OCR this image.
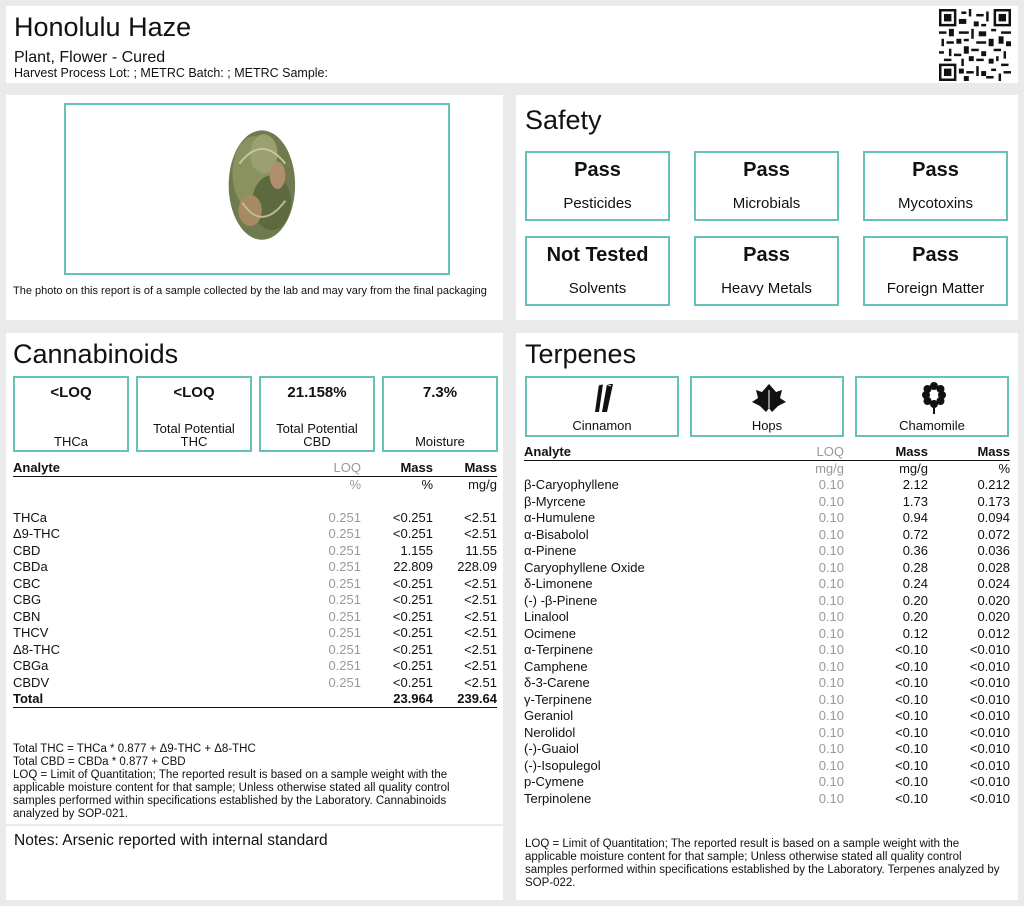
Honolulu Haze
Plant, Flower - Cured
Harvest Process Lot: ; METRC Batch: ; METRC Sample:
The photo on this report is of a sample collected by the lab and may vary from the final packaging
Safety
Pass
Pesticides
Pass
Microbials
Pass
Mycotoxins
Not Tested
Solvents
Pass
Heavy Metals
Pass
Foreign Matter
Cannabinoids
<LOQ
THCa
<LOQ
Total Potential THC
21.158%
Total Potential CBD
7.3%
Moisture
Analyte	LOQ	Mass	Mass
	%	%	mg/g

THCa	0.251	<0.251	<2.51
Δ9-THC	0.251	<0.251	<2.51
CBD	0.251	1.155	11.55
CBDa	0.251	22.809	228.09
CBC	0.251	<0.251	<2.51
CBG	0.251	<0.251	<2.51
CBN	0.251	<0.251	<2.51
THCV	0.251	<0.251	<2.51
Δ8-THC	0.251	<0.251	<2.51
CBGa	0.251	<0.251	<2.51
CBDV	0.251	<0.251	<2.51
Total		23.964	239.64
Total THC = THCa * 0.877 + Δ9-THC + Δ8-THC
Total CBD = CBDa * 0.877 + CBD
LOQ = Limit of Quantitation; The reported result is based on a sample weight with the applicable moisture content for that sample; Unless otherwise stated all quality control samples performed within specifications established by the Laboratory. Cannabinoids analyzed by SOP-021.
Notes: Arsenic reported with internal standard
Terpenes
Cinnamon	Hops	Chamomile
Analyte	LOQ	Mass	Mass
	mg/g	mg/g	%
β-Caryophyllene	0.10	2.12	0.212
β-Myrcene	0.10	1.73	0.173
α-Humulene	0.10	0.94	0.094
α-Bisabolol	0.10	0.72	0.072
α-Pinene	0.10	0.36	0.036
Caryophyllene Oxide	0.10	0.28	0.028
δ-Limonene	0.10	0.24	0.024
(-) -β-Pinene	0.10	0.20	0.020
Linalool	0.10	0.20	0.020
Ocimene	0.10	0.12	0.012
α-Terpinene	0.10	<0.10	<0.010
Camphene	0.10	<0.10	<0.010
δ-3-Carene	0.10	<0.10	<0.010
γ-Terpinene	0.10	<0.10	<0.010
Geraniol	0.10	<0.10	<0.010
Nerolidol	0.10	<0.10	<0.010
(-)-Guaiol	0.10	<0.10	<0.010
(-)-Isopulegol	0.10	<0.10	<0.010
p-Cymene	0.10	<0.10	<0.010
Terpinolene	0.10	<0.10	<0.010
LOQ = Limit of Quantitation; The reported result is based on a sample weight with the applicable moisture content for that sample; Unless otherwise stated all quality control samples performed within specifications established by the Laboratory. Terpenes analyzed by SOP-022.
